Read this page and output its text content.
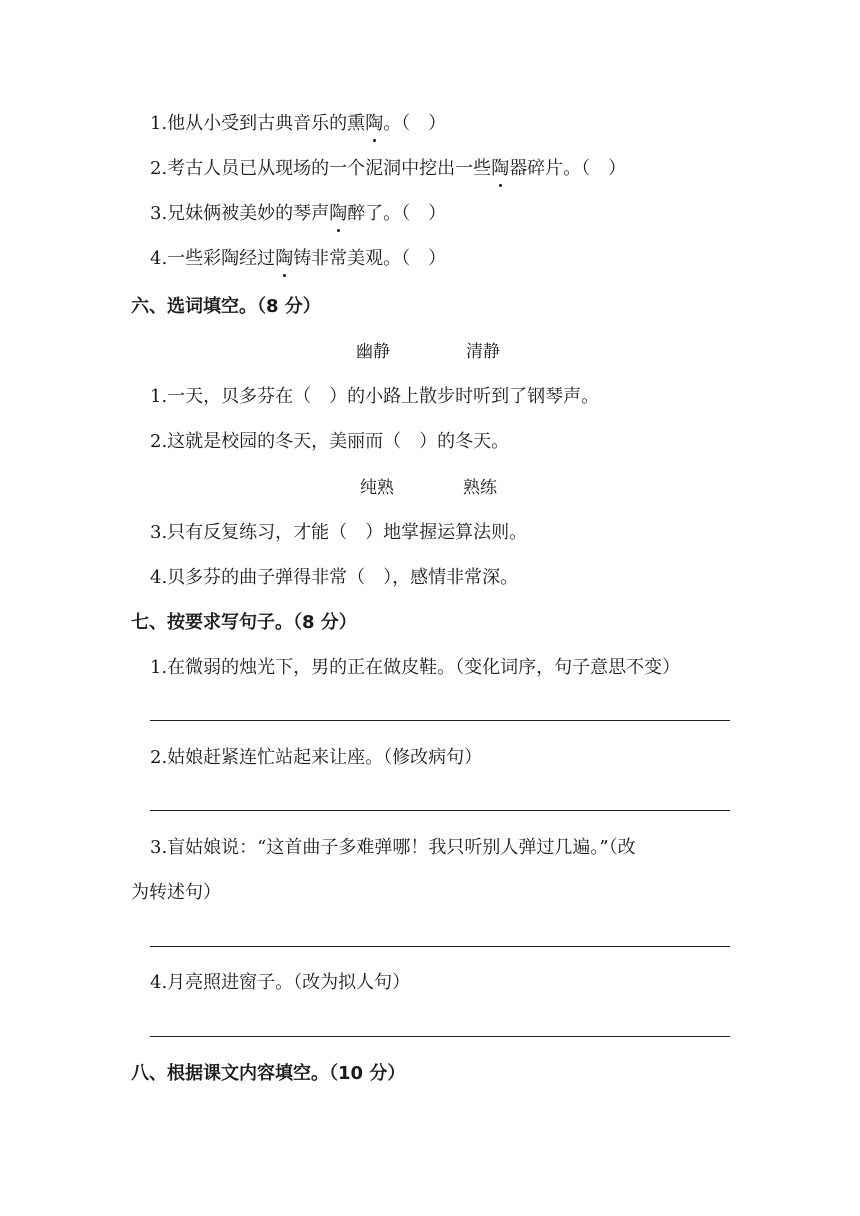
1.他从小受到古典音乐的熏陶。（　）
2.考古人员已从现场的一个泥洞中挖出一些陶器碎片。（　）
3.兄妹俩被美妙的琴声陶醉了。（　）
4.一些彩陶经过陶铸非常美观。（　）
六、选词填空。（8 分）
幽静	清静
1.一天，贝多芬在（　）的小路上散步时听到了钢琴声。
2.这就是校园的冬天，美丽而（　）的冬天。
纯熟	熟练
3.只有反复练习，才能（　）地掌握运算法则。
4.贝多芬的曲子弹得非常（　），感情非常深。
七、按要求写句子。（8 分）
1.在微弱的烛光下，男的正在做皮鞋。（变化词序，句子意思不变）
2.姑娘赶紧连忙站起来让座。（修改病句）
3.盲姑娘说：“这首曲子多难弹哪！我只听别人弹过几遍。”（改
为转述句）
4.月亮照进窗子。（改为拟人句）
八、根据课文内容填空。（10 分）
